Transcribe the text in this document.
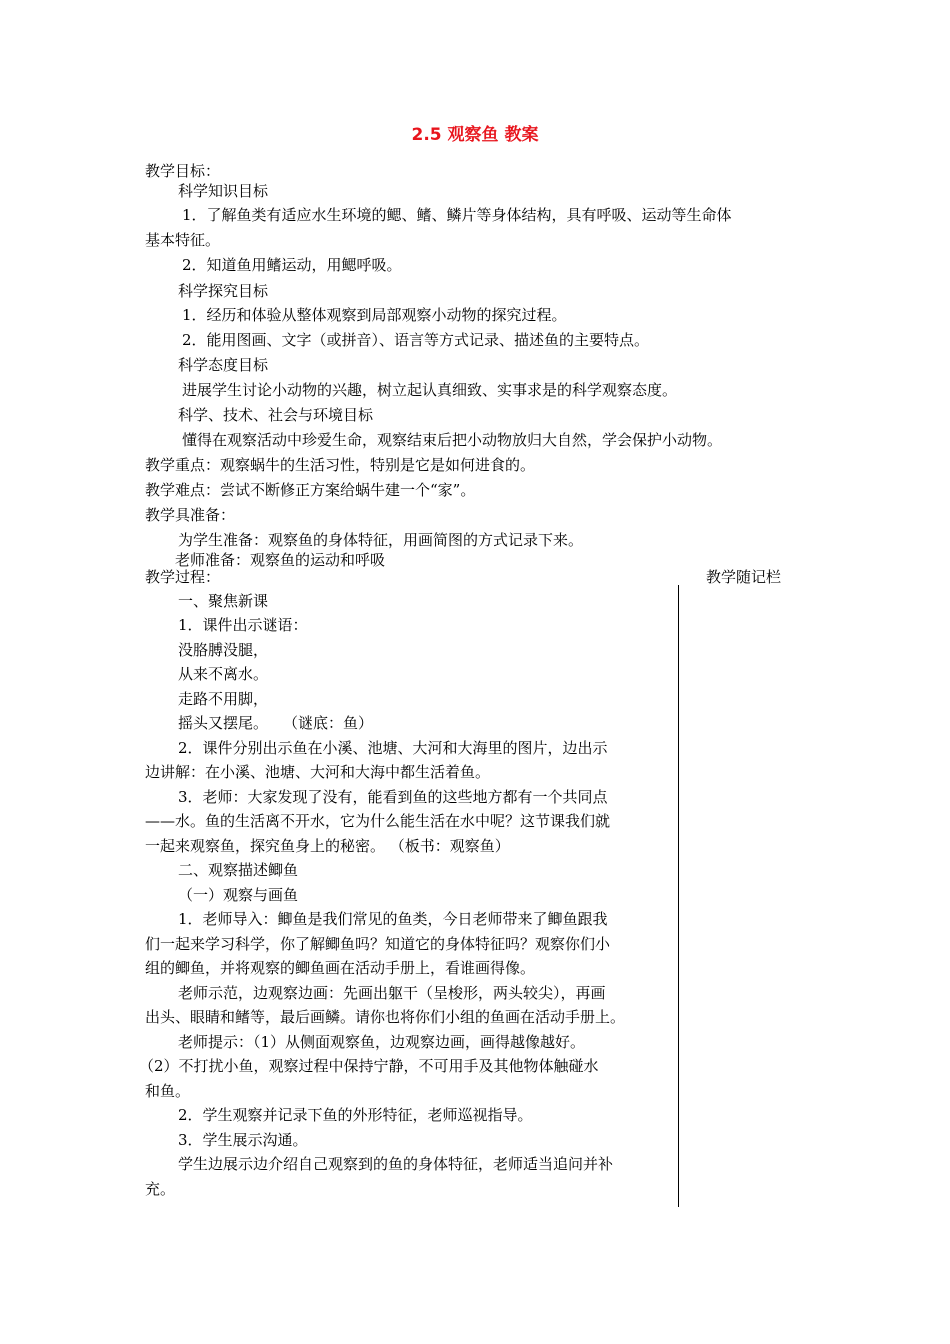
2.5 观察鱼 教案
教学目标：
科学知识目标
1．了解鱼类有适应水生环境的鳃、鳍、鳞片等身体结构，具有呼吸、运动等生命体
基本特征。
2．知道鱼用鳍运动，用鳃呼吸。
科学探究目标
1．经历和体验从整体观察到局部观察小动物的探究过程。
2．能用图画、文字（或拼音）、语言等方式记录、描述鱼的主要特点。
科学态度目标
进展学生讨论小动物的兴趣，树立起认真细致、实事求是的科学观察态度。
科学、技术、社会与环境目标
懂得在观察活动中珍爱生命，观察结束后把小动物放归大自然，学会保护小动物。
教学重点：观察蜗牛的生活习性，特别是它是如何进食的。
教学难点：尝试不断修正方案给蜗牛建一个“家”。
教学具准备：
为学生准备：观察鱼的身体特征，用画简图的方式记录下来。
老师准备：观察鱼的运动和呼吸
教学过程：	教学随记栏
一、聚焦新课
1．课件出示谜语：
没胳膊没腿，
从来不离水。
走路不用脚，
摇头又摆尾。　　（谜底：鱼）
2．课件分别出示鱼在小溪、池塘、大河和大海里的图片，边出示
边讲解：在小溪、池塘、大河和大海中都生活着鱼。
3．老师：大家发现了没有，能看到鱼的这些地方都有一个共同点
——水。鱼的生活离不开水，它为什么能生活在水中呢？这节课我们就
一起来观察鱼，探究鱼身上的秘密。 （板书：观察鱼）
二、观察描述鲫鱼
（一）观察与画鱼
1．老师导入：鲫鱼是我们常见的鱼类，今日老师带来了鲫鱼跟我
们一起来学习科学，你了解鲫鱼吗？知道它的身体特征吗？观察你们小
组的鲫鱼，并将观察的鲫鱼画在活动手册上，看谁画得像。
老师示范，边观察边画：先画出躯干（呈梭形，两头较尖），再画
出头、眼睛和鳍等，最后画鳞。请你也将你们小组的鱼画在活动手册上。
老师提示：（1）从侧面观察鱼，边观察边画，画得越像越好。
（2）不打扰小鱼，观察过程中保持宁静，不可用手及其他物体触碰水
和鱼。
2．学生观察并记录下鱼的外形特征，老师巡视指导。
3．学生展示沟通。
学生边展示边介绍自己观察到的鱼的身体特征，老师适当追问并补
充。
